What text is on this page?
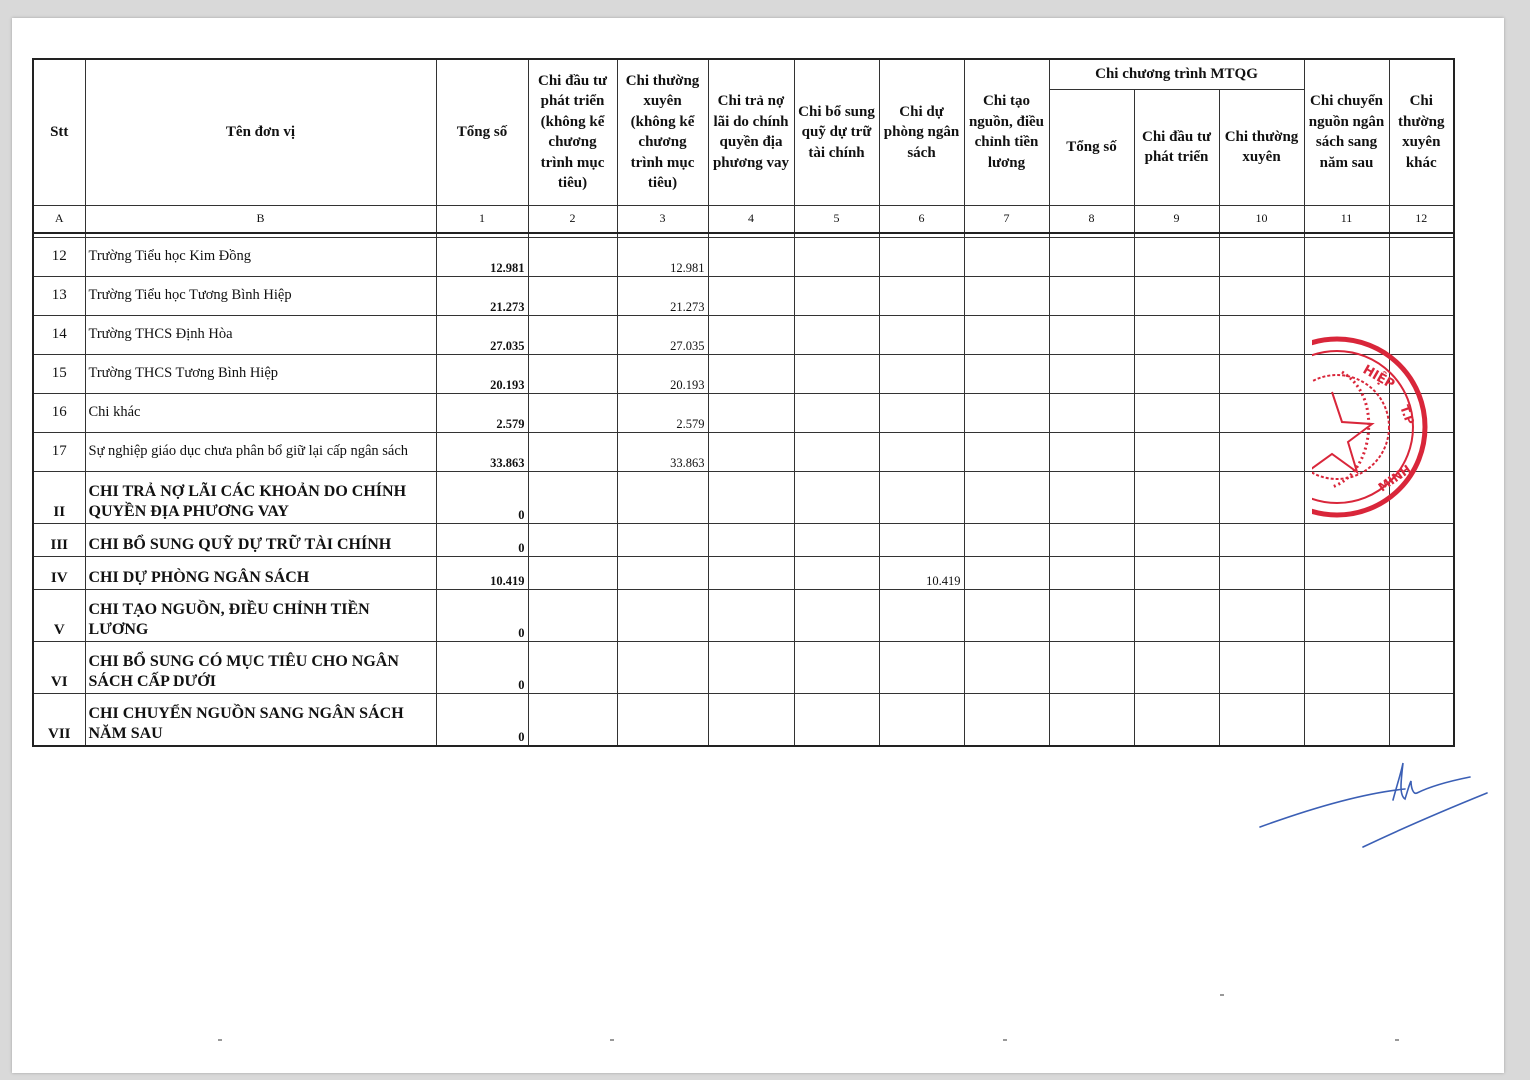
Stt	Tên đơn vị	Tổng số	Chi đầu tư phát triển (không kể chương trình mục tiêu)	Chi thường xuyên (không kể chương trình mục tiêu)	Chi trả nợ lãi do chính quyền địa phương vay	Chi bổ sung quỹ dự trữ tài chính	Chi dự phòng ngân sách	Chi tạo nguồn, điều chỉnh tiền lương	Chi chương trình MTQG			Chi chuyển nguồn ngân sách sang năm sau	Chi thường xuyên khác
									Tổng số	Chi đầu tư phát triển	Chi thường xuyên		
A	B	1	2	3	4	5	6	7	8	9	10	11	12

12	Trường Tiểu học Kim Đồng	12.981		12.981									
13	Trường Tiểu học Tương Bình Hiệp	21.273		21.273									
14	Trường THCS Định Hòa	27.035		27.035									
15	Trường THCS Tương Bình Hiệp	20.193		20.193									
16	Chi khác	2.579		2.579									
17	Sự nghiệp giáo dục chưa phân bổ giữ lại cấp ngân sách	33.863		33.863									
II	CHI TRẢ NỢ LÃI CÁC KHOẢN DO CHÍNH QUYỀN ĐỊA PHƯƠNG VAY	0											
III	CHI BỔ SUNG QUỸ DỰ TRỮ TÀI CHÍNH	0											
IV	CHI DỰ PHÒNG NGÂN SÁCH	10.419					10.419						
V	CHI TẠO NGUỒN, ĐIỀU CHỈNH TIỀN LƯƠNG	0											
VI	CHI BỔ SUNG CÓ MỤC TIÊU CHO NGÂN SÁCH CẤP DƯỚI	0											
VII	CHI CHUYỂN NGUỒN SANG NGÂN SÁCH NĂM SAU	0											
HIỆP
T.P
MINH
